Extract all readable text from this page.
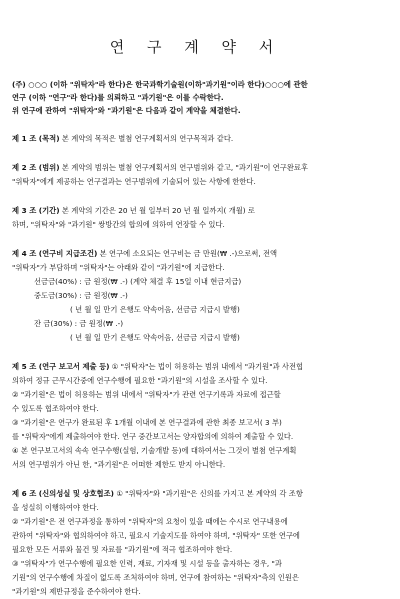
연 구 계 약 서
(주) ○○○ (이하 "위탁자"라 한다)은 한국과학기술원(이하"과기원"이라 한다)○○○에 관한
연구 (이하 "연구"라 한다)를 의뢰하고 "과기원"은 이를 수락한다.
위 연구에 관하여 "위탁자"와 "과기원"은 다음과 같이 계약을 체결한다.
제 1 조 (목적) 본 계약의 목적은 별첨 연구계획서의 연구목적과 같다.
제 2 조 (범위) 본 계약의 범위는 별첨 연구계획서의 연구범위와 같고, "과기원"이 연구완료후
"위탁자"에게 제공하는 연구결과는 연구범위에 기술되어 있는 사항에 한한다.
제 3 조 (기간) 본 계약의 기간은 20 년 월 일부터 20 년 월 일까지( 개월) 로
하며, "위탁자"와 "과기원" 쌍방간의 합의에 의하여 연장할 수 있다.
제 4 조 (연구비 지급조건) 본 연구에 소요되는 연구비는 금 만원(₩ .-)으로써, 전액
"위탁자"가 부담하며 "위탁자"는 아래와 같이 "과기원"에 지급한다.
선금금(40%) : 금 원정(₩ .-) (계약 체결 후 15일 이내 현금지급)
중도금(30%) : 금 원정(₩ .-)
( 년 월 일 만기 은행도 약속어음, 선금금 지급시 발행)
잔 금(30%) : 금 원정(₩ .-)
( 년 월 일 만기 은행도 약속어음, 선금금 지급시 발행)
제 5 조 (연구 보고서 제출 등) ① "위탁자"는 법이 허용하는 범위 내에서 "과기원"과 사전협
의하여 정규 근무시간중에 연구수행에 필요한 "과기원"의 시설을 조사할 수 있다.
② "과기원"은 법이 허용하는 범위 내에서 "위탁자"가 관련 연구기록과 자료에 접근할
수 있도록 협조하여야 한다.
③ "과기원"은 연구가 완료된 후 1개월 이내에 본 연구결과에 관한 최종 보고서( 3 부)
를 "위탁자"에게 제출하여야 한다. 연구 중간보고서는 양자합의에 의하여 제출할 수 있다.
④ 본 연구보고서의 속속 연구수행(실험, 기술개발 등)에 대하여서는 그것이 별첨 연구계획
서의 연구범위가 아닌 한, "과기원"은 어떠한 제한도 받지 아니한다.
제 6 조 (신의성실 및 상호협조) ① "위탁자"와 "과기원"은 신의를 가지고 본 계약의 각 조항
을 성실히 이행하여야 한다.
② "과기원"은 전 연구과정을 통하여 "위탁자"의 요청이 있을 때에는 수시로 연구내용에
관하여 "위탁자"와 협의하여야 하고, 필요시 기술지도를 하여야 하며, "위탁자" 또한 연구에
필요한 모든 서류와 물건 및 자료를 "과기원"에 적극 협조하여야 한다.
③ "위탁자"가 연구수행에 필요한 인력, 재료, 기자재 및 시설 등을 출자하는 경우, "과
기원"의 연구수행에 차질이 없도록 조처하여야 하며, 연구에 참여하는 "위탁자"측의 인원은
"과기원"의 제반규정을 준수하여야 한다.
